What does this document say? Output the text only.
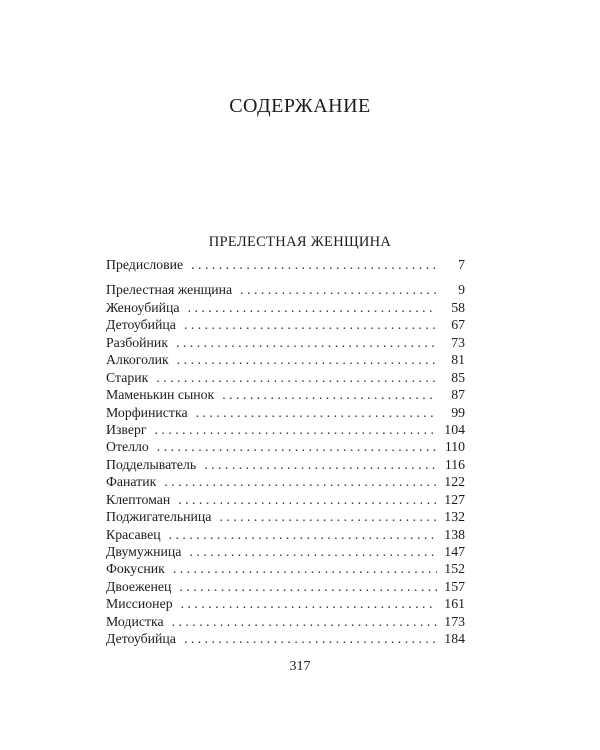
СОДЕРЖАНИЕ
ПРЕЛЕСТНАЯ ЖЕНЩИНА
Предисловие . . .	7
Прелестная женщина . . .	9
Женоубийца . . .	58
Детоубийца . . .	67
Разбойник . . .	73
Алкоголик . . .	81
Старик . . .	85
Маменькин сынок . . .	87
Морфинистка . . .	99
Изверг . . .	104
Отелло . . .	110
Подделыватель . . .	116
Фанатик . . .	122
Клептоман . . .	127
Поджигательница . . .	132
Красавец . . .	138
Двумужница . . .	147
Фокусник . . .	152
Двоеженец . . .	157
Миссионер . . .	161
Модистка . . .	173
Детоубийца . . .	184
317
